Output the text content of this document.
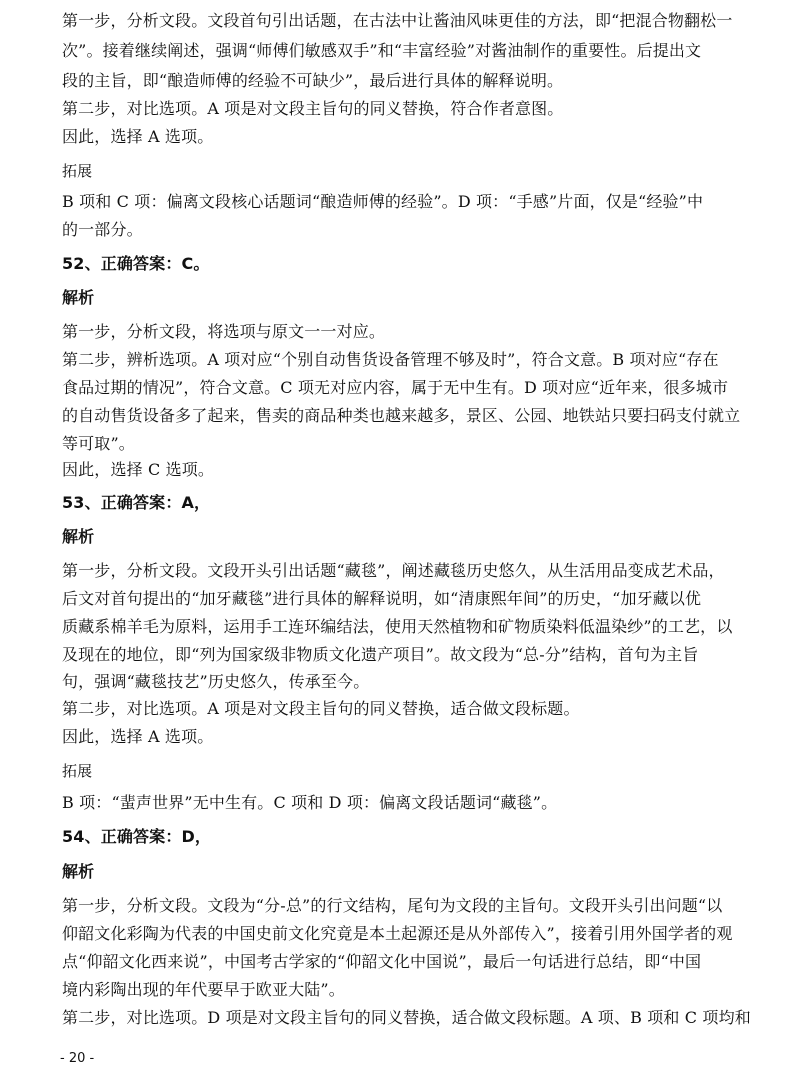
第一步，分析文段。文段首句引出话题，在古法中让酱油风味更佳的方法，即“把混合物翻松一
次”。接着继续阐述，强调“师傅们敏感双手”和“丰富经验”对酱油制作的重要性。后提出文
段的主旨，即“酿造师傅的经验不可缺少”，最后进行具体的解释说明。
第二步，对比选项。A 项是对文段主旨句的同义替换，符合作者意图。
因此，选择 A 选项。
拓展
B 项和 C 项：偏离文段核心话题词“酿造师傅的经验”。D 项：“手感”片面，仅是“经验”中
的一部分。
52、正确答案：C。
解析
第一步，分析文段，将选项与原文一一对应。
第二步，辨析选项。A 项对应“个别自动售货设备管理不够及时”，符合文意。B 项对应“存在
食品过期的情况”，符合文意。C 项无对应内容，属于无中生有。D 项对应“近年来，很多城市
的自动售货设备多了起来，售卖的商品种类也越来越多，景区、公园、地铁站只要扫码支付就立
等可取”。
因此，选择 C 选项。
53、正确答案：A，
解析
第一步，分析文段。文段开头引出话题“藏毯”，阐述藏毯历史悠久，从生活用品变成艺术品，
后文对首句提出的“加牙藏毯”进行具体的解释说明，如“清康熙年间”的历史，“加牙藏以优
质藏系棉羊毛为原料，运用手工连环编结法，使用天然植物和矿物质染料低温染纱”的工艺，以
及现在的地位，即“列为国家级非物质文化遗产项目”。故文段为“总-分”结构，首句为主旨
句，强调“藏毯技艺”历史悠久，传承至今。
第二步，对比选项。A 项是对文段主旨句的同义替换，适合做文段标题。
因此，选择 A 选项。
拓展
B 项：“蜚声世界”无中生有。C 项和 D 项：偏离文段话题词“藏毯”。
54、正确答案：D，
解析
第一步，分析文段。文段为“分-总”的行文结构，尾句为文段的主旨句。文段开头引出问题“以
仰韶文化彩陶为代表的中国史前文化究竟是本土起源还是从外部传入”，接着引用外国学者的观
点“仰韶文化西来说”，中国考古学家的“仰韶文化中国说”，最后一句话进行总结，即“中国
境内彩陶出现的年代要早于欧亚大陆”。
第二步，对比选项。D 项是对文段主旨句的同义替换，适合做文段标题。A 项、B 项和 C 项均和
- 20 -
